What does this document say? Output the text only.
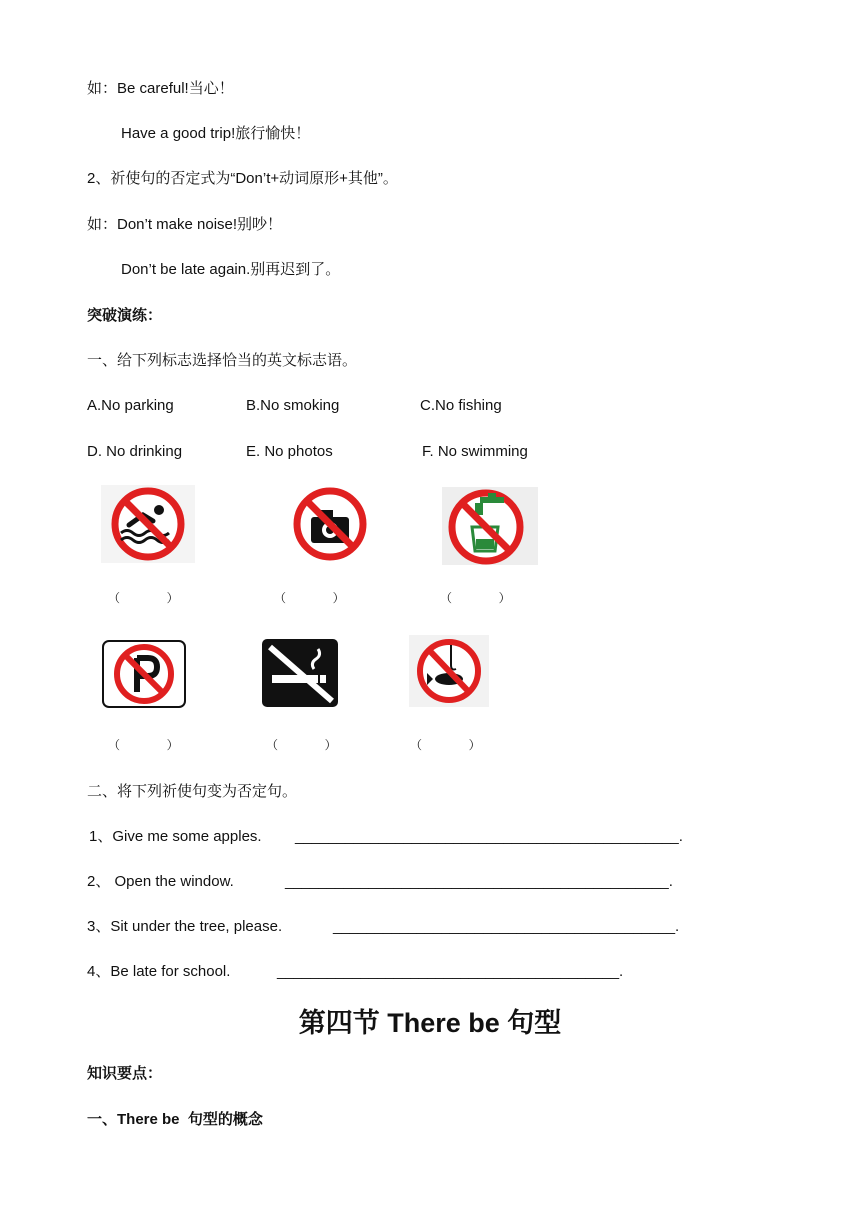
如：Be careful!当心！
Have a good trip!旅行愉快！
2、祈使句的否定式为“Don’t+动词原形+其他”。
如：Don’t make noise!别吵！
Don’t be late again.别再迟到了。
突破演练：
一、给下列标志选择恰当的英文标志语。
A.No parking	B.No smoking	C.No fishing
D. No drinking	E. No photos	F. No swimming
（              ）	（              ）	（              ）
（              ）	（              ）	（              ）
二、将下列祈使句变为否定句。
1、Give me some apples. ______________________________________________.
2、 Open the window.	______________________________________________.
3、Sit under the tree, please.	_________________________________________.
4、Be late for school.	_________________________________________.
第四节 There be 句型
知识要点：
一、There be  句型的概念
